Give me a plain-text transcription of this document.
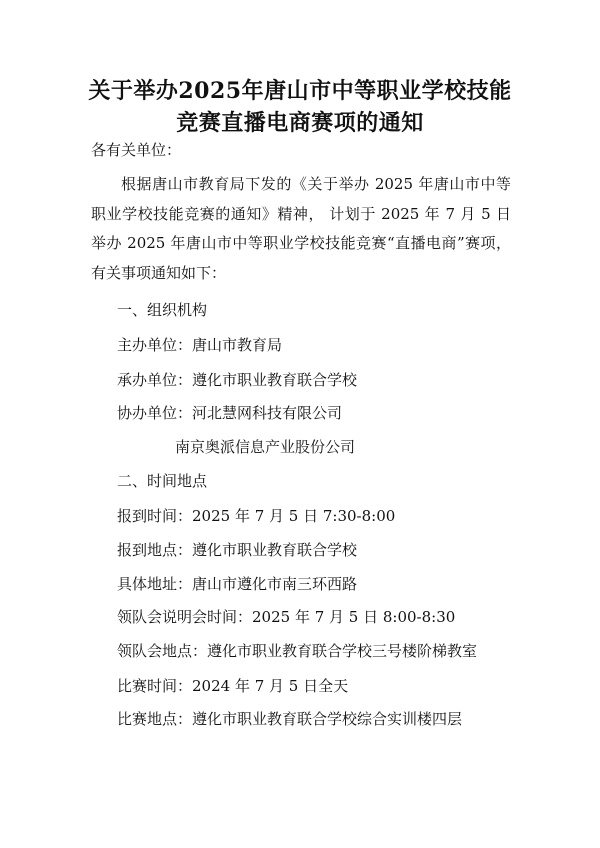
关于举办2025年唐山市中等职业学校技能
竞赛直播电商赛项的通知
各有关单位：
根据唐山市教育局下发的《关于举办 2025 年唐山市中等职业学校技能竞赛的通知》精神， 计划于 2025 年 7 月 5 日举办 2025 年唐山市中等职业学校技能竞赛“直播电商”赛项，有关事项通知如下：
一、组织机构
主办单位：唐山市教育局
承办单位：遵化市职业教育联合学校
协办单位：河北慧网科技有限公司
南京奥派信息产业股份公司
二、时间地点
报到时间：2025 年 7 月 5 日 7:30-8:00
报到地点：遵化市职业教育联合学校
具体地址：唐山市遵化市南三环西路
领队会说明会时间：2025 年 7 月 5 日 8:00-8:30
领队会地点：遵化市职业教育联合学校三号楼阶梯教室
比赛时间：2024 年 7 月 5 日全天
比赛地点：遵化市职业教育联合学校综合实训楼四层
